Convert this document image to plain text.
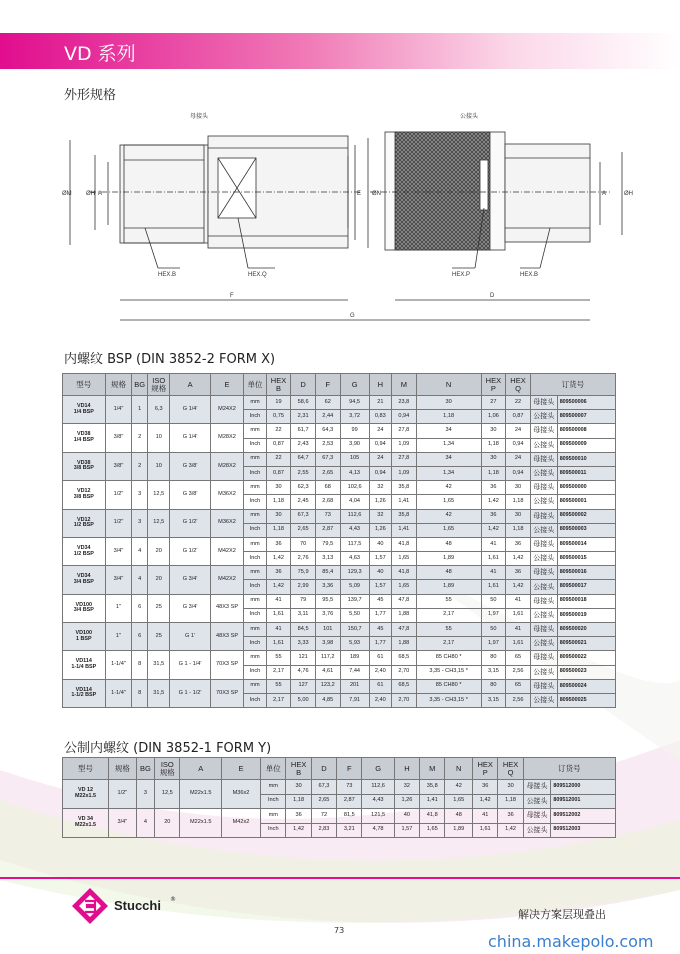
VD 系列
外形规格
母接头	公接头
ØM ØH A	E ØN	A	ØH
HEX.B	HEX.Q	HEX.P	HEX.B
F	D
G
内螺纹 BSP (DIN 3852-2 FORM X)
型号	规格	BG	ISO
规格	A	E	单位	HEX B	D	F	G	H	M	N	HEX P	HEX Q	订货号	
VD14
1/4 BSP	1/4"	1	6,3	G 1/4'	M24X2	mm	19	58,6	62	94,5	21	23,8	30	27	22	母接头	809500006
						Inch	0,75	2,31	2,44	3,72	0,83	0,94	1,18	1,06	0,87	公接头	809500007
VD38
1/4 BSP	3/8"	2	10	G 1/4'	M28X2	mm	22	61,7	64,3	99	24	27,8	34	30	24	母接头	809500008
						Inch	0,87	2,43	2,53	3,90	0,94	1,09	1,34	1,18	0,94	公接头	809500009
VD38
3/8 BSP	3/8"	2	10	G 3/8'	M28X2	mm	22	64,7	67,3	105	24	27,8	34	30	24	母接头	809500010
						Inch	0,87	2,55	2,65	4,13	0,94	1,09	1,34	1,18	0,94	公接头	809500011
VD12
3/8 BSP	1/2"	3	12,5	G 3/8'	M36X2	mm	30	62,3	68	102,6	32	35,8	42	36	30	母接头	809500000
						Inch	1,18	2,45	2,68	4,04	1,26	1,41	1,65	1,42	1,18	公接头	809500001
VD12
1/2 BSP	1/2"	3	12,5	G 1/2'	M36X2	mm	30	67,3	73	112,6	32	35,8	42	36	30	母接头	809500002
						Inch	1,18	2,65	2,87	4,43	1,26	1,41	1,65	1,42	1,18	公接头	809500003
VD34
1/2 BSP	3/4"	4	20	G 1/2'	M42X2	mm	36	70	79,5	117,5	40	41,8	48	41	36	母接头	809500014
						Inch	1,42	2,76	3,13	4,63	1,57	1,65	1,89	1,61	1,42	公接头	809500015
VD34
3/4 BSP	3/4"	4	20	G 3/4'	M42X2	mm	36	75,9	85,4	129,3	40	41,8	48	41	36	母接头	809500016
						Inch	1,42	2,99	3,36	5,09	1,57	1,65	1,89	1,61	1,42	公接头	809500017
VD100
3/4 BSP	1"	6	25	G 3/4'	48X3 SP	mm	41	79	95,5	139,7	45	47,8	55	50	41	母接头	809500018
						Inch	1,61	3,11	3,76	5,50	1,77	1,88	2,17	1,97	1,61	公接头	809500019
VD100
1 BSP	1"	6	25	G 1'	48X3 SP	mm	41	84,5	101	150,7	45	47,8	55	50	41	母接头	809500020
						Inch	1,61	3,33	3,98	5,93	1,77	1,88	2,17	1,97	1,61	公接头	809500021
VD114
1-1/4 BSP	1-1/4"	8	31,5	G 1 - 1/4'	70X3 SP	mm	55	121	117,2	189	61	68,5	85 CH80 *	80	65	母接头	809500022
						Inch	2,17	4,76	4,61	7,44	2,40	2,70	3,35 - CH3,15 *	3,15	2,56	公接头	809500023
VD114
1-1/2 BSP	1-1/4"	8	31,5	G 1 - 1/2'	70X3 SP	mm	55	127	123,2	201	61	68,5	85 CH80 *	80	65	母接头	809500024
						Inch	2,17	5,00	4,85	7,91	2,40	2,70	3,35 - CH3,15 *	3,15	2,56	公接头	809500025
公制内螺纹 (DIN 3852-1 FORM Y)
型号	规格	BG	ISO
规格	A	E	单位	HEX
B	D	F	G	H	M	N	HEX
P	HEX
Q	订货号	
VD 12
M22x1.5	1/2"	3	12,5	M22x1.5	M36x2	mm	30	67,3	73	112,6	32	35,8	42	36	30	母接头	809512000
						Inch	1,18	2,65	2,87	4,43	1,26	1,41	1,65	1,42	1,18	公接头	809512001
VD 34
M22x1.5	3/4"	4	20	M22x1.5	M42x2	mm	36	72	81,5	121,5	40	41,8	48	41	36	母接头	809512002
						Inch	1,42	2,83	3,21	4,78	1,57	1,65	1,89	1,61	1,42	公接头	809512003
Stucchi ®
解决方案层现叠出
73
china.makepolo.com
